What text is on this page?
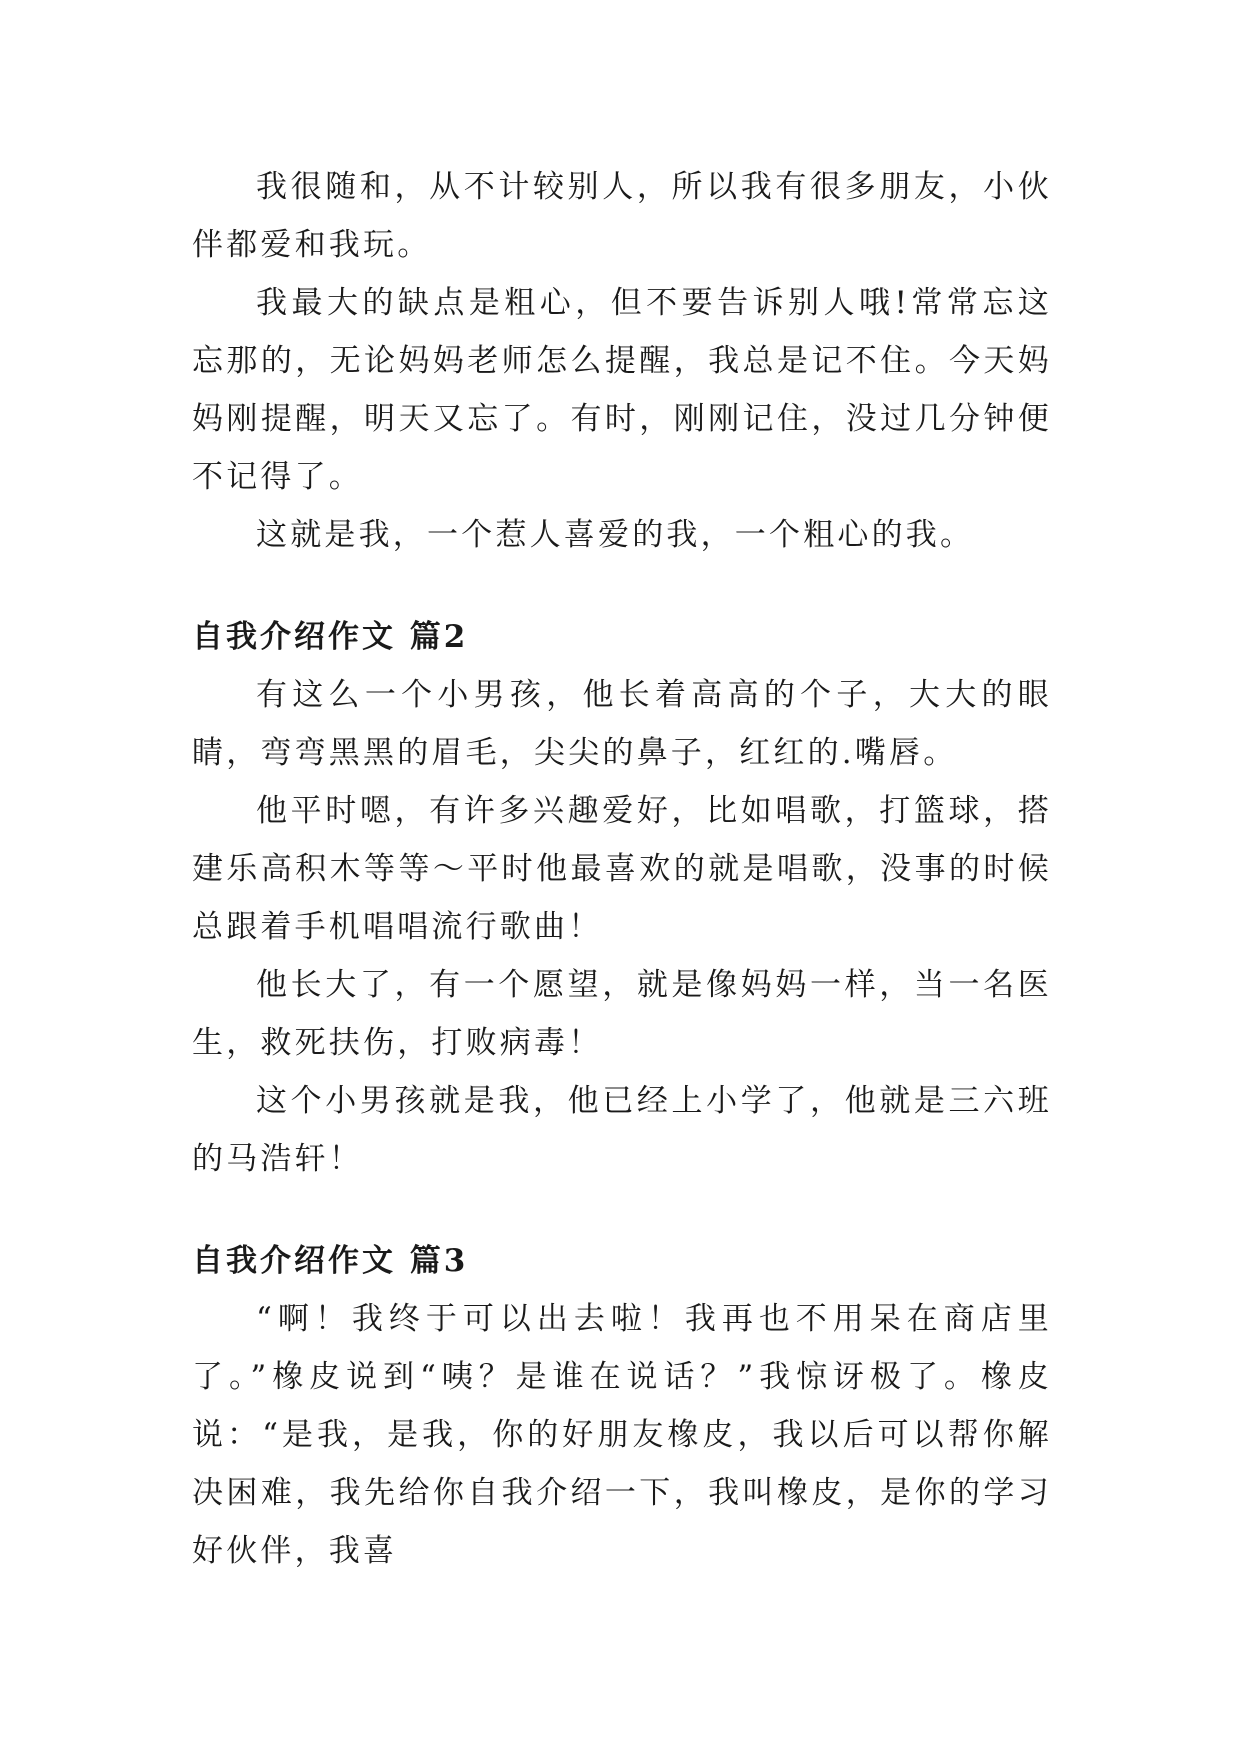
我很随和，从不计较别人，所以我有很多朋友，小伙伴都爱和我玩。

我最大的缺点是粗心，但不要告诉别人哦!常常忘这忘那的，无论妈妈老师怎么提醒，我总是记不住。今天妈妈刚提醒，明天又忘了。有时，刚刚记住，没过几分钟便不记得了。

这就是我，一个惹人喜爱的我，一个粗心的我。

自我介绍作文 篇2

有这么一个小男孩，他长着高高的个子，大大的眼睛，弯弯黑黑的眉毛，尖尖的鼻子，红红的.嘴唇。

他平时嗯，有许多兴趣爱好，比如唱歌，打篮球，搭建乐高积木等等～平时他最喜欢的就是唱歌，没事的时候总跟着手机唱唱流行歌曲！

他长大了，有一个愿望，就是像妈妈一样，当一名医生，救死扶伤，打败病毒！

这个小男孩就是我，他已经上小学了，他就是三六班的马浩轩！

自我介绍作文 篇3

“啊！我终于可以出去啦！我再也不用呆在商店里了。”橡皮说到“咦？是谁在说话？”我惊讶极了。橡皮说：“是我，是我，你的好朋友橡皮，我以后可以帮你解决困难，我先给你自我介绍一下，我叫橡皮，是你的学习好伙伴，我喜
